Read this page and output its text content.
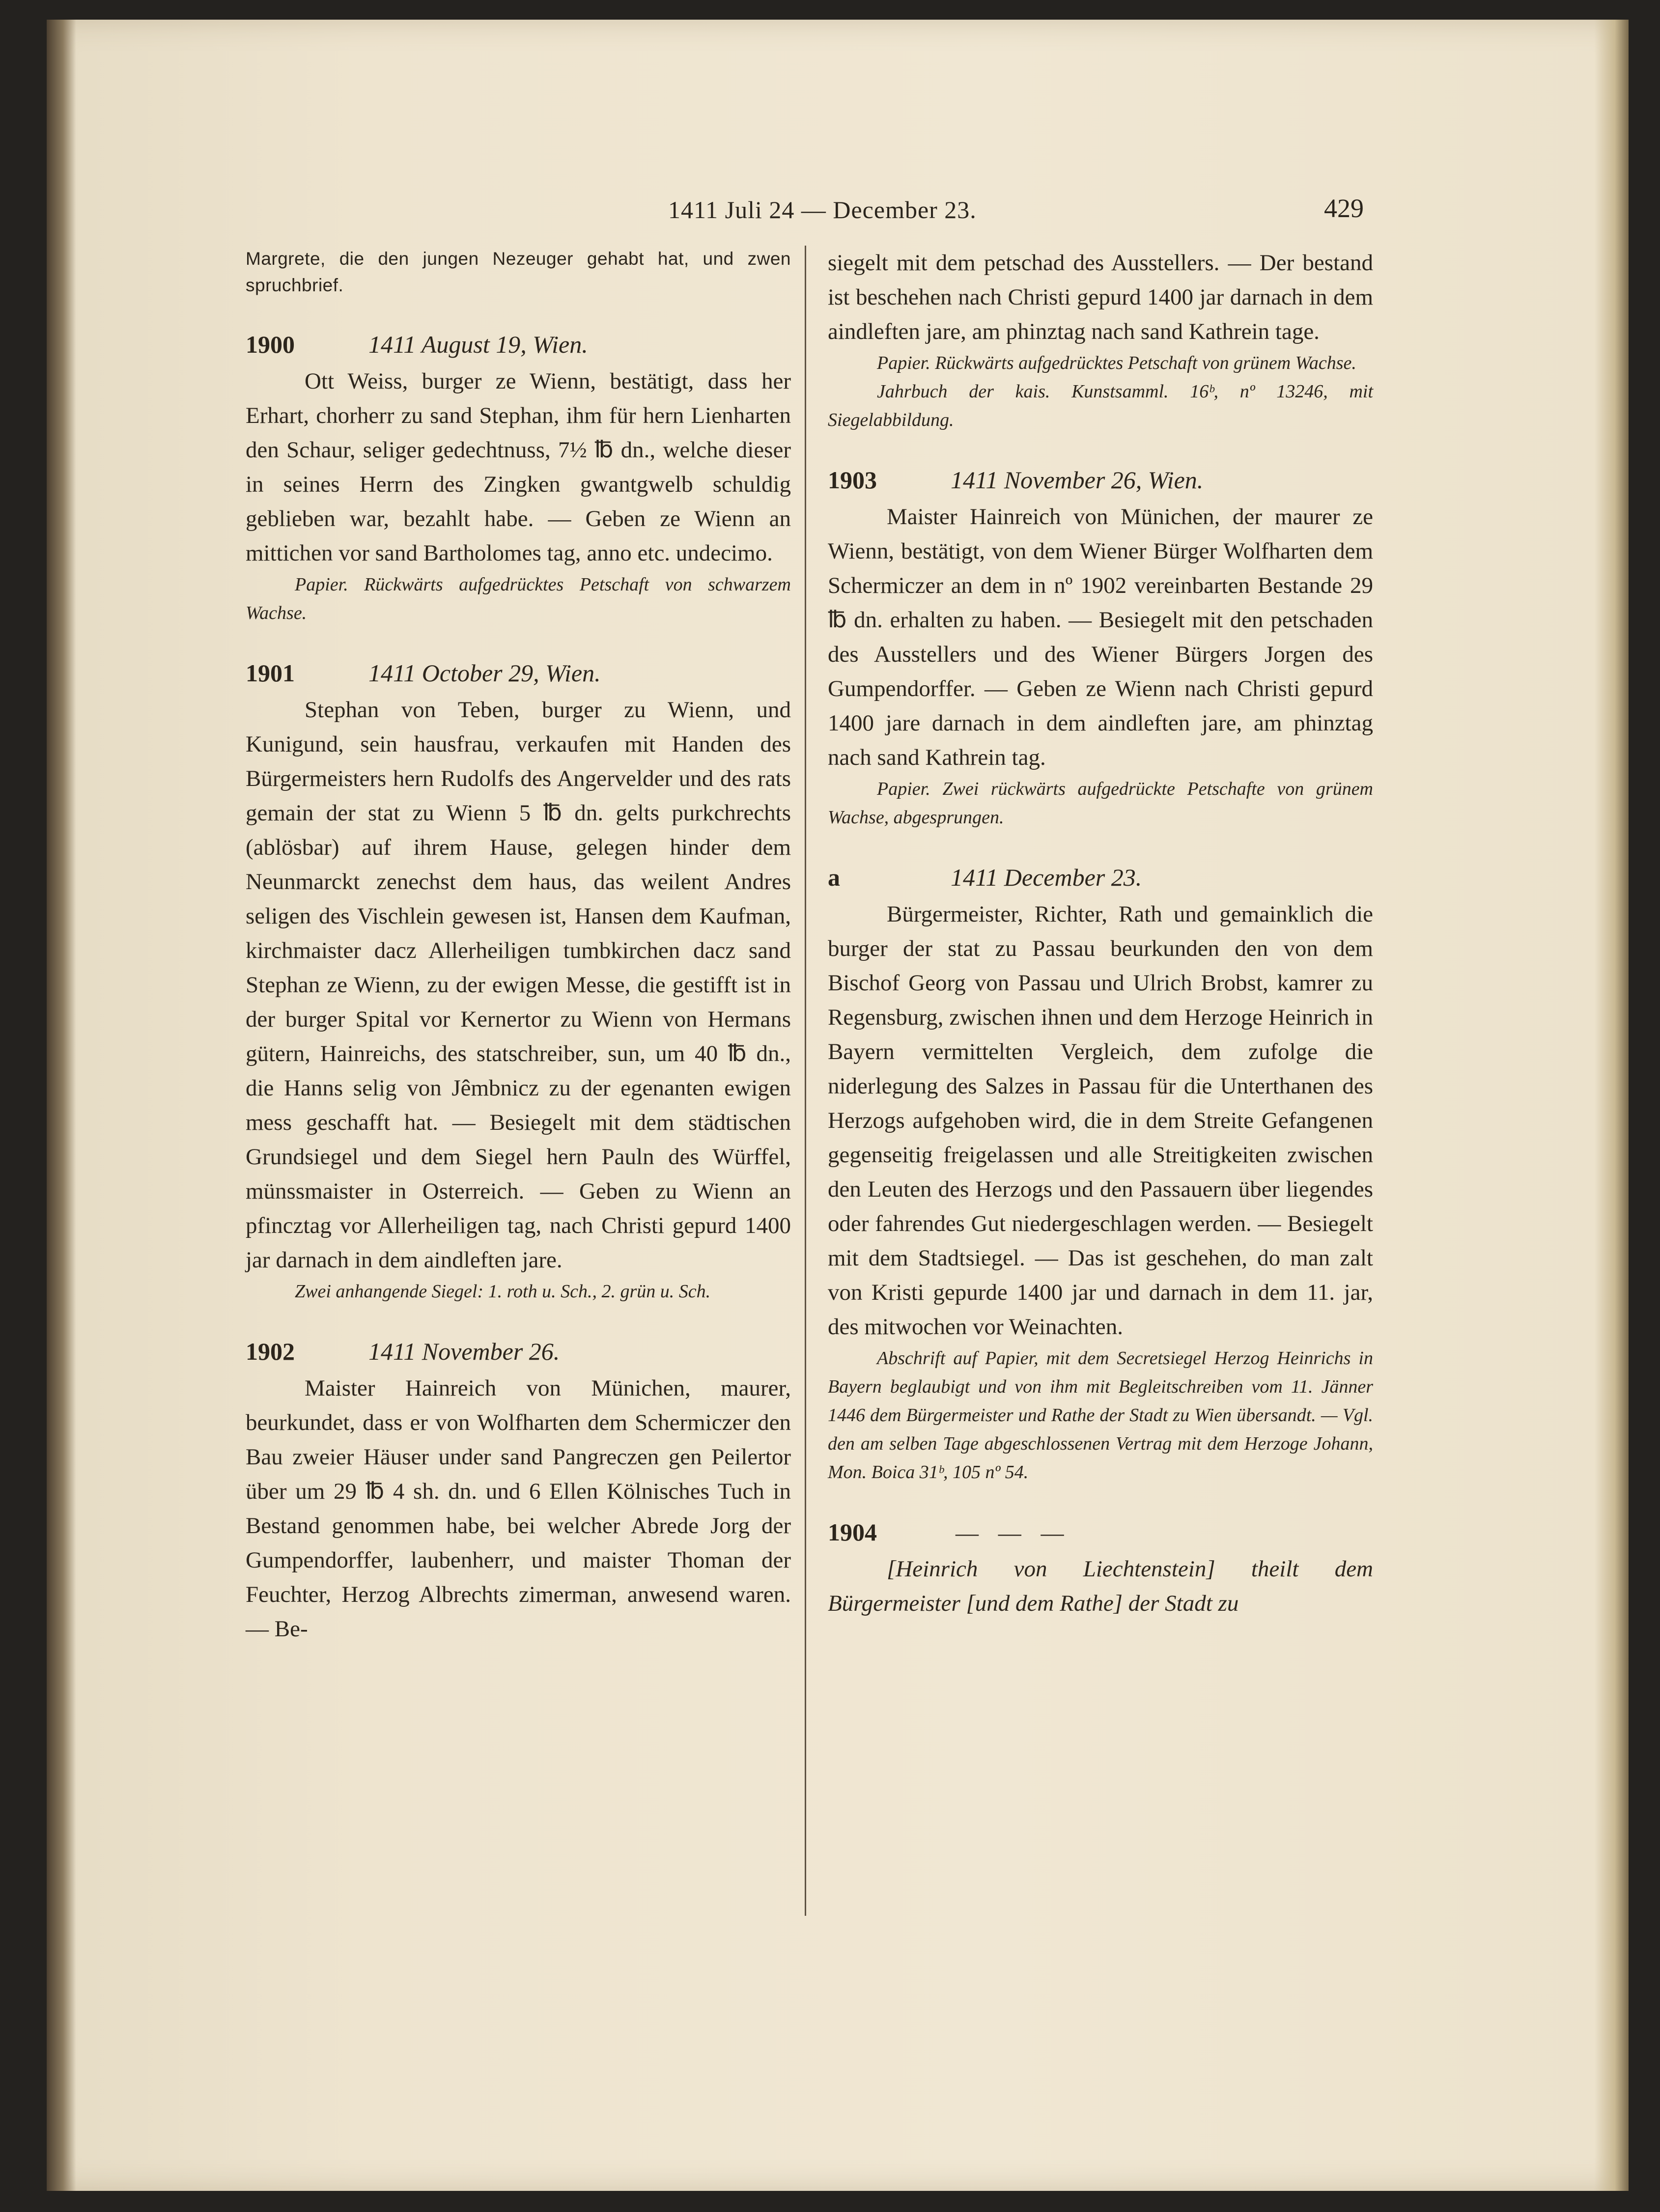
1411 Juli 24 — December 23.	429

Margrete, die den jungen Nezeuger gehabt hat, und zwen spruchbrief.

1900	1411 August 19, Wien.

Ott Weiss, burger ze Wienn, bestätigt, dass her Erhart, chorherr zu sand Stephan, ihm für hern Lienharten den Schaur, seliger gedechtnuss, 7½ ℔ dn., welche dieser in seines Herrn des Zingken gwantgwelb schuldig geblieben war, bezahlt habe. — Geben ze Wienn an mittichen vor sand Bartholomes tag, anno etc. undecimo.

Papier. Rückwärts aufgedrücktes Petschaft von schwarzem Wachse.

1901	1411 October 29, Wien.

Stephan von Teben, burger zu Wienn, und Kunigund, sein hausfrau, verkaufen mit Handen des Bürgermeisters hern Rudolfs des Angervelder und des rats gemain der stat zu Wienn 5 ℔ dn. gelts purkchrechts (ablösbar) auf ihrem Hause, gelegen hinder dem Neunmarckt zenechst dem haus, das weilent Andres seligen des Vischlein gewesen ist, Hansen dem Kaufman, kirchmaister dacz Allerheiligen tumbkirchen dacz sand Stephan ze Wienn, zu der ewigen Messe, die gestifft ist in der burger Spital vor Kernertor zu Wienn von Hermans gütern, Hainreichs, des statschreiber, sun, um 40 ℔ dn., die Hanns selig von Jêmbnicz zu der egenanten ewigen mess geschafft hat. — Besiegelt mit dem städtischen Grundsiegel und dem Siegel hern Pauln des Würffel, münssmaister in Osterreich. — Geben zu Wienn an pfincztag vor Allerheiligen tag, nach Christi gepurd 1400 jar darnach in dem aindleften jare.

Zwei anhangende Siegel: 1. roth u. Sch., 2. grün u. Sch.

1902	1411 November 26.

Maister Hainreich von Münichen, maurer, beurkundet, dass er von Wolfharten dem Schermiczer den Bau zweier Häuser under sand Pangreczen gen Peilertor über um 29 ℔ 4 sh. dn. und 6 Ellen Kölnisches Tuch in Bestand genommen habe, bei welcher Abrede Jorg der Gumpendorffer, laubenherr, und maister Thoman der Feuchter, Herzog Albrechts zimerman, anwesend waren. — Be-

siegelt mit dem petschad des Ausstellers. — Der bestand ist beschehen nach Christi gepurd 1400 jar darnach in dem aindleften jare, am phinztag nach sand Kathrein tage.

Papier. Rückwärts aufgedrücktes Petschaft von grünem Wachse.

Jahrbuch der kais. Kunstsamml. 16ᵇ, nº 13246, mit Siegelabbildung.

1903	1411 November 26, Wien.

Maister Hainreich von Münichen, der maurer ze Wienn, bestätigt, von dem Wiener Bürger Wolfharten dem Schermiczer an dem in nº 1902 vereinbarten Bestande 29 ℔ dn. erhalten zu haben. — Besiegelt mit den petschaden des Ausstellers und des Wiener Bürgers Jorgen des Gumpendorffer. — Geben ze Wienn nach Christi gepurd 1400 jare darnach in dem aindleften jare, am phinztag nach sand Kathrein tag.

Papier. Zwei rückwärts aufgedrückte Petschafte von grünem Wachse, abgesprungen.

a	1411 December 23.

Bürgermeister, Richter, Rath und gemainklich die burger der stat zu Passau beurkunden den von dem Bischof Georg von Passau und Ulrich Brobst, kamrer zu Regensburg, zwischen ihnen und dem Herzoge Heinrich in Bayern vermittelten Vergleich, dem zufolge die niderlegung des Salzes in Passau für die Unterthanen des Herzogs aufgehoben wird, die in dem Streite Gefangenen gegenseitig freigelassen und alle Streitigkeiten zwischen den Leuten des Herzogs und den Passauern über liegendes oder fahrendes Gut niedergeschlagen werden. — Besiegelt mit dem Stadtsiegel. — Das ist geschehen, do man zalt von Kristi gepurde 1400 jar und darnach in dem 11. jar, des mitwochen vor Weinachten.

Abschrift auf Papier, mit dem Secretsiegel Herzog Heinrichs in Bayern beglaubigt und von ihm mit Begleitschreiben vom 11. Jänner 1446 dem Bürgermeister und Rathe der Stadt zu Wien übersandt. — Vgl. den am selben Tage abgeschlossenen Vertrag mit dem Herzoge Johann, Mon. Boica 31ᵇ, 105 nº 54.

1904	— — —

[Heinrich von Liechtenstein] theilt dem Bürgermeister [und dem Rathe] der Stadt zu
